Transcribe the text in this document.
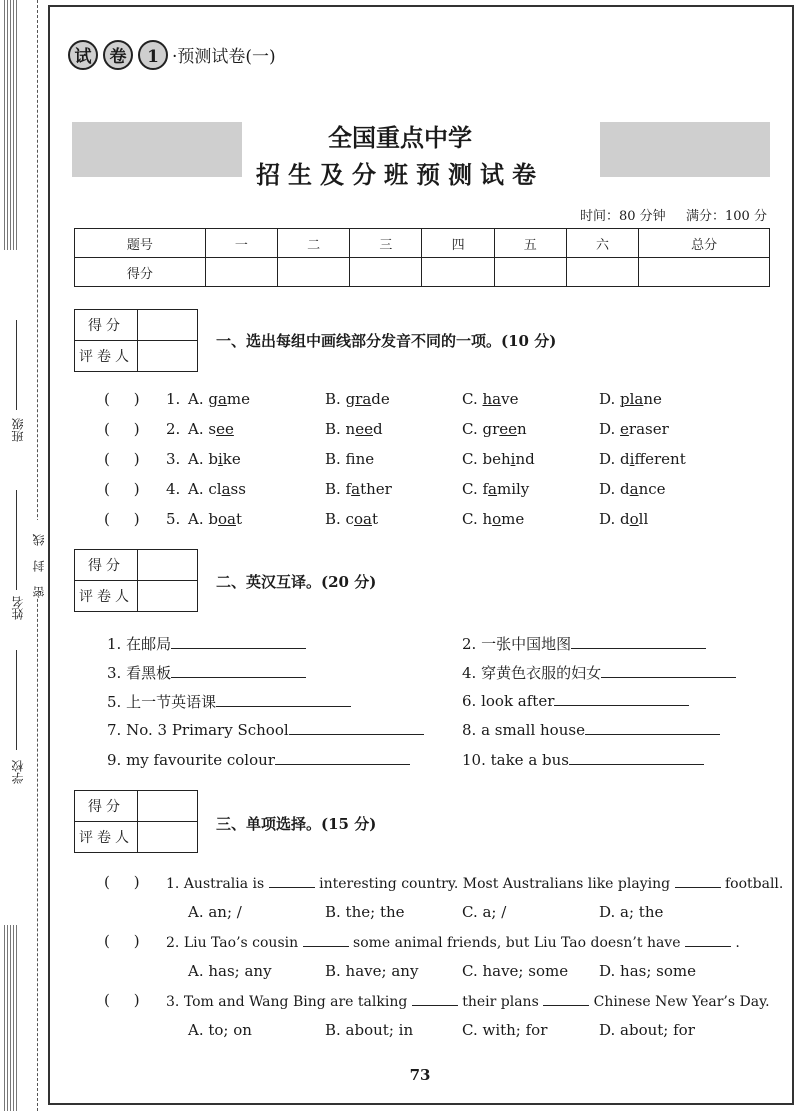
班级
姓名
学校
密封线
试	卷	1 ·预测试卷(一)
全国重点中学
招生及分班预测试卷
时间：80 分钟 满分：100 分
题号	一	二	三	四	五	六	总分
得分							
得分	
评卷人	
一、选出每组中画线部分发音不同的一项。(10 分)
(     ) 1. A. game	B. grade	C. have	D. plane
(     ) 2. A. see	B. need	C. green	D. eraser
(     ) 3. A. bike	B. fne	C. behind	D. different
(     ) 4. A. class	B. father	C. family	D. dance
(     ) 5. A. boat	B. coat	C. home	D. doll
得分	
评卷人	
二、英汉互译。(20 分)
1. 在邮局	2. 一张中国地图
3. 看黑板	4. 穿黄色衣服的妇女
5. 上一节英语课	6. look after
7. No. 3 Primary School	8. a small house
9. my favourite colour	10. take a bus
得分	
评卷人	
三、单项选择。(15 分)
(     ) 1. Australia is	interesting country. Most Australians like playing	football.
A. an; /	B. the; the	C. a; /	D. a; the
(     ) 2. Liu Tao’s cousin	some animal friends, but Liu Tao doesn’t have	.
A. has; any	B. have; any	C. have; some D. has; some
(     ) 3. Tom and Wang Bing are talking	their plans	Chinese New Year’s Day.
A. to; on	B. about; in	C. with; for	D. about; for
73
